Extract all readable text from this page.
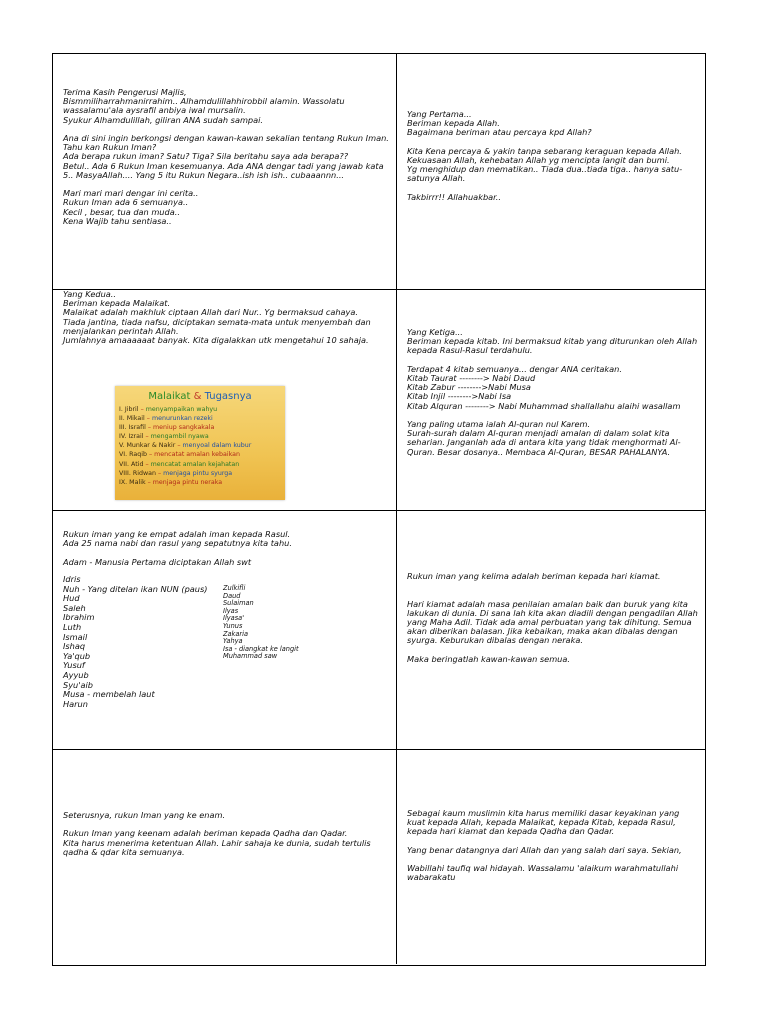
Terima Kasih Pengerusi Majlis,
Bismmiliharrahmanirrahim.. Alhamdulillahhirobbil alamin. Wassolatu wassalamu'ala aysrafil anbiya iwal mursalin.
Syukur Alhamdulillah, giliran ANA sudah sampai.

Ana di sini ingin berkongsi dengan kawan-kawan sekalian tentang Rukun Iman.
Tahu kan Rukun Iman?
Ada berapa rukun iman? Satu? Tiga? Sila beritahu saya ada berapa??
Betul.. Ada 6 Rukun Iman kesemuanya. Ada ANA dengar tadi yang jawab kata 5.. MasyaAllah.... Yang 5 itu Rukun Negara..ish ish ish.. cubaaannn...

Mari mari mari dengar ini cerita..
Rukun Iman ada 6 semuanya..
Kecil , besar, tua dan muda..
Kena Wajib tahu sentiasa..
Yang Pertama...
Beriman kepada Allah.
Bagaimana beriman atau percaya kpd Allah?

Kita Kena percaya & yakin tanpa sebarang keraguan kepada Allah.
Kekuasaan Allah, kehebatan Allah yg mencipta langit dan bumi.
Yg menghidup dan mematikan.. Tiada dua..tiada tiga.. hanya satu-satunya Allah.

Takbirrr!! Allahuakbar..
Yang Kedua..
Beriman kepada Malaikat.
Malaikat adalah makhluk ciptaan Allah dari Nur.. Yg bermaksud cahaya.
Tiada jantina, tiada nafsu, diciptakan semata-mata untuk menyembah dan menjalankan perintah Allah.
Jumlahnya amaaaaaat banyak. Kita digalakkan utk mengetahui 10 sahaja.
Malaikat & Tugasnya
I. Jibril – menyampaikan wahyu
II. Mikail – menurunkan rezeki
III. Israfil – meniup sangkakala
IV. Izrail – mengambil nyawa
V. Munkar & Nakir – menyoal dalam kubur
VI. Raqib – mencatat amalan kebaikan
VII. Atid – mencatat amalan kejahatan
VIII. Ridwan – menjaga pintu syurga
IX. Malik – menjaga pintu neraka
Yang Ketiga...
Beriman kepada kitab. Ini bermaksud kitab yang diturunkan oleh Allah kepada Rasul-Rasul terdahulu.

Terdapat 4 kitab semuanya... dengar ANA ceritakan.
Kitab Taurat --------> Nabi Daud
Kitab Zabur -------->Nabi Musa
Kitab Injil -------->Nabi Isa
Kitab Alquran --------> Nabi Muhammad shallallahu alaihi wasallam

Yang paling utama ialah Al-quran nul Karem.
Surah-surah dalam Al-quran menjadi amalan di dalam solat kita seharian. Janganlah ada di antara kita yang tidak menghormati Al-Quran. Besar dosanya.. Membaca Al-Quran, BESAR PAHALANYA.
Rukun iman yang ke empat adalah iman kepada Rasul.
Ada 25 nama nabi dan rasul yang sepatutnya kita tahu.

Adam - Manusia Pertama diciptakan Allah swt
Idris
Nuh - Yang ditelan ikan NUN (paus)
Hud
Saleh
Ibrahim
Luth
Ismail
Ishaq
Ya'qub
Yusuf
Ayyub
Syu'aib
Musa - membelah laut
Harun
Zulkifli
Daud
Sulaiman
Ilyas
Ilyasa'
Yunus
Zakaria
Yahya
Isa - diangkat ke langit
Muhammad saw
Rukun iman yang kelima adalah beriman kepada hari kiamat.

Hari kiamat adalah masa penilaian amalan baik dan buruk yang kita lakukan di dunia. Di sana lah kita akan diadili dengan pengadilan Allah yang Maha Adil. Tidak ada amal perbuatan yang tak dihitung. Semua akan diberikan balasan. Jika kebaikan, maka akan dibalas dengan syurga. Keburukan dibalas dengan neraka.

Maka beringatlah kawan-kawan semua.
Seterusnya, rukun Iman yang ke enam.

Rukun Iman yang keenam adalah beriman kepada Qadha dan Qadar.
Kita harus menerima ketentuan Allah. Lahir sahaja ke dunia, sudah tertulis qadha & qdar kita semuanya.
Sebagai kaum muslimin kita harus memiliki dasar keyakinan yang kuat kepada Allah, kepada Malaikat, kepada Kitab, kepada Rasul, kepada hari kiamat dan kepada Qadha dan Qadar.

Yang benar datangnya dari Allah dan yang salah dari saya. Sekian,

Wabillahi taufiq wal hidayah. Wassalamu 'alaikum warahmatullahi wabarakatu
